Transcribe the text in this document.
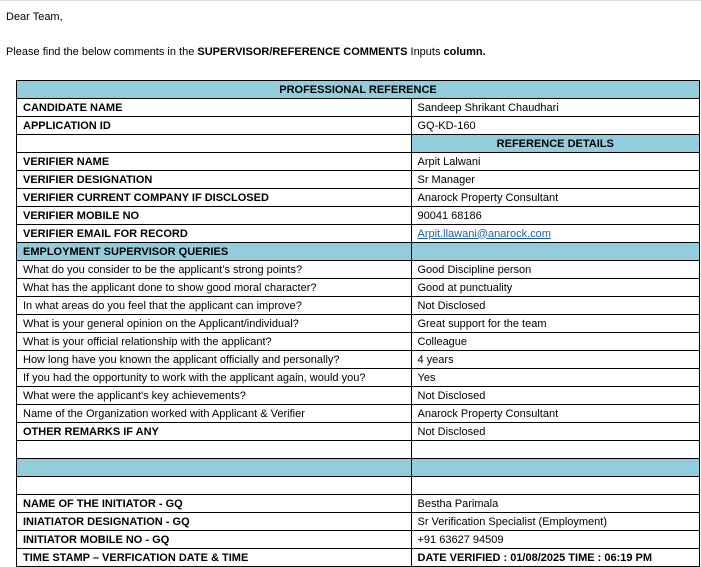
Dear Team,
Please find the below comments in the SUPERVISOR/REFERENCE COMMENTS Inputs column.
PROFESSIONAL REFERENCE	
CANDIDATE NAME	Sandeep Shrikant Chaudhari
APPLICATION ID	GQ-KD-160
	REFERENCE DETAILS
VERIFIER NAME	Arpit Lalwani
VERIFIER DESIGNATION	Sr Manager
VERIFIER CURRENT COMPANY IF DISCLOSED	Anarock Property Consultant
VERIFIER MOBILE NO	90041 68186
VERIFIER EMAIL FOR RECORD	Arpit.llawani@anarock.com
EMPLOYMENT SUPERVISOR QUERIES	
What do you consider to be the applicant's strong points?	Good Discipline person
What has the applicant done to show good moral character?	Good at punctuality
In what areas do you feel that the applicant can improve?	Not Disclosed
What is your general opinion on the Applicant/individual?	Great support for the team
What is your official relationship with the applicant?	Colleague
How long have you known the applicant officially and personally?	4 years
If you had the opportunity to work with the applicant again, would you?	Yes
What were the applicant's key achievements?	Not Disclosed
Name of the Organization worked with Applicant & Verifier	Anarock Property Consultant
OTHER REMARKS IF ANY	Not Disclosed

NAME OF THE INITIATOR - GQ	Bestha Parimala
INIATIATOR DESIGNATION - GQ	Sr Verification Specialist (Employment)
INITIATOR MOBILE NO - GQ	+91 63627 94509
TIME STAMP – VERFICATION DATE & TIME	DATE VERIFIED : 01/08/2025 TIME : 06:19 PM
